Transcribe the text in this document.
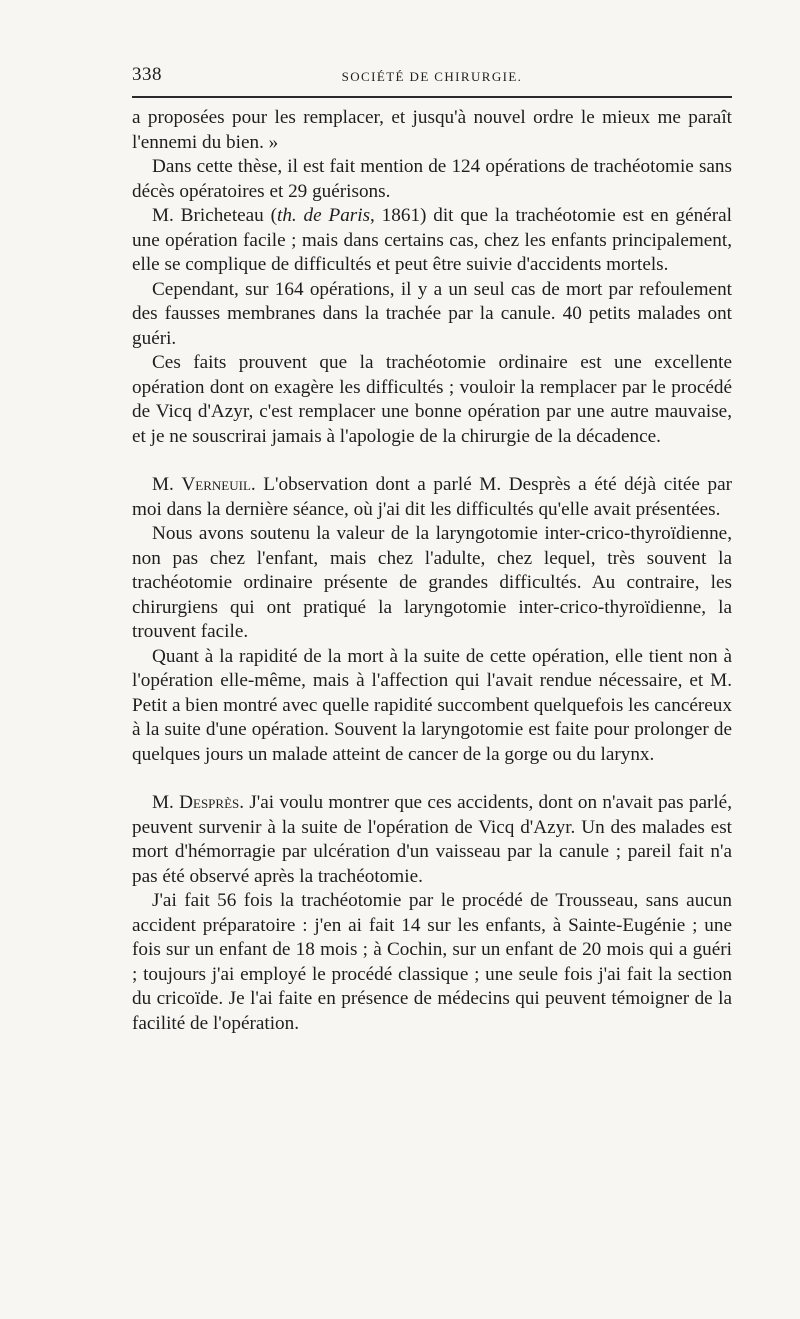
338	SOCIÉTÉ DE CHIRURGIE.

a proposées pour les remplacer, et jusqu'à nouvel ordre le mieux me paraît l'ennemi du bien. »

Dans cette thèse, il est fait mention de 124 opérations de trachéotomie sans décès opératoires et 29 guérisons.

M. Bricheteau (th. de Paris, 1861) dit que la trachéotomie est en général une opération facile ; mais dans certains cas, chez les enfants principalement, elle se complique de difficultés et peut être suivie d'accidents mortels.

Cependant, sur 164 opérations, il y a un seul cas de mort par refoulement des fausses membranes dans la trachée par la canule. 40 petits malades ont guéri.

Ces faits prouvent que la trachéotomie ordinaire est une excellente opération dont on exagère les difficultés ; vouloir la remplacer par le procédé de Vicq d'Azyr, c'est remplacer une bonne opération par une autre mauvaise, et je ne souscrirai jamais à l'apologie de la chirurgie de la décadence.

M. Verneuil. L'observation dont a parlé M. Desprès a été déjà citée par moi dans la dernière séance, où j'ai dit les difficultés qu'elle avait présentées.

Nous avons soutenu la valeur de la laryngotomie inter-crico-thyroïdienne, non pas chez l'enfant, mais chez l'adulte, chez lequel, très souvent la trachéotomie ordinaire présente de grandes difficultés. Au contraire, les chirurgiens qui ont pratiqué la laryngotomie inter-crico-thyroïdienne, la trouvent facile.

Quant à la rapidité de la mort à la suite de cette opération, elle tient non à l'opération elle-même, mais à l'affection qui l'avait rendue nécessaire, et M. Petit a bien montré avec quelle rapidité succombent quelquefois les cancéreux à la suite d'une opération. Souvent la laryngotomie est faite pour prolonger de quelques jours un malade atteint de cancer de la gorge ou du larynx.

M. Desprès. J'ai voulu montrer que ces accidents, dont on n'avait pas parlé, peuvent survenir à la suite de l'opération de Vicq d'Azyr. Un des malades est mort d'hémorragie par ulcération d'un vaisseau par la canule ; pareil fait n'a pas été observé après la trachéotomie.

J'ai fait 56 fois la trachéotomie par le procédé de Trousseau, sans aucun accident préparatoire : j'en ai fait 14 sur les enfants, à Sainte-Eugénie ; une fois sur un enfant de 18 mois ; à Cochin, sur un enfant de 20 mois qui a guéri ; toujours j'ai employé le procédé classique ; une seule fois j'ai fait la section du cricoïde. Je l'ai faite en présence de médecins qui peuvent témoigner de la facilité de l'opération.
